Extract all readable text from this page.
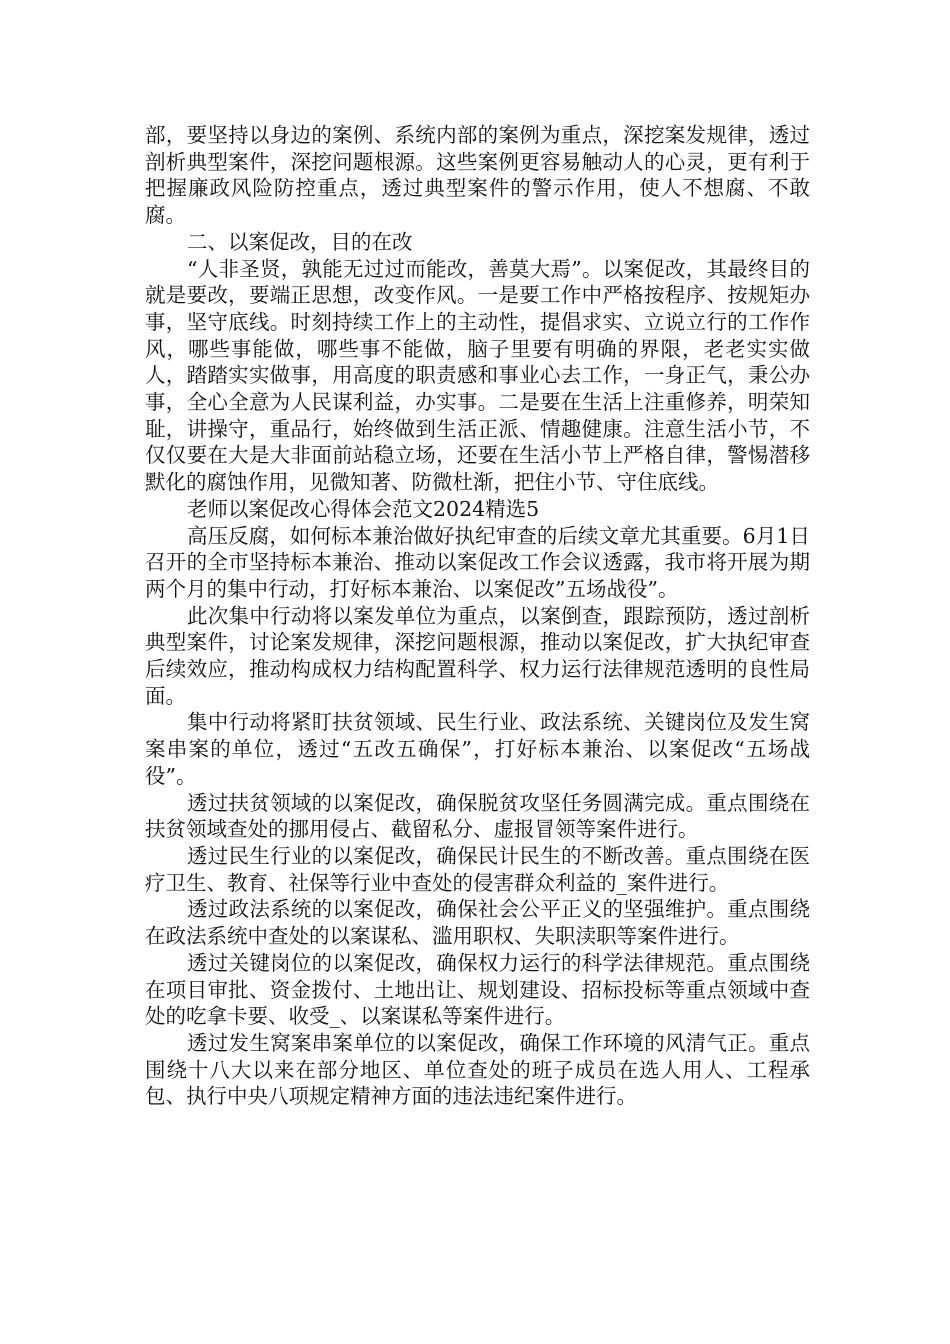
部，要坚持以身边的案例、系统内部的案例为重点，深挖案发规律，透过剖析典型案件，深挖问题根源。这些案例更容易触动人的心灵，更有利于把握廉政风险防控重点，透过典型案件的警示作用，使人不想腐、不敢腐。

二、以案促改，目的在改

“人非圣贤，孰能无过过而能改，善莫大焉”。以案促改，其最终目的就是要改，要端正思想，改变作风。一是要工作中严格按程序、按规矩办事，坚守底线。时刻持续工作上的主动性，提倡求实、立说立行的工作作风，哪些事能做，哪些事不能做，脑子里要有明确的界限，老老实实做人，踏踏实实做事，用高度的职责感和事业心去工作，一身正气，秉公办事，全心全意为人民谋利益，办实事。二是要在生活上注重修养，明荣知耻，讲操守，重品行，始终做到生活正派、情趣健康。注意生活小节，不仅仅要在大是大非面前站稳立场，还要在生活小节上严格自律，警惕潜移默化的腐蚀作用，见微知著、防微杜渐，把住小节、守住底线。

老师以案促改心得体会范文2024精选5

高压反腐，如何标本兼治做好执纪审查的后续文章尤其重要。6月1日召开的全市坚持标本兼治、推动以案促改工作会议透露，我市将开展为期两个月的集中行动，打好标本兼治、以案促改”五场战役”。

此次集中行动将以案发单位为重点，以案倒查，跟踪预防，透过剖析典型案件，讨论案发规律，深挖问题根源，推动以案促改，扩大执纪审查后续效应，推动构成权力结构配置科学、权力运行法律规范透明的良性局面。

集中行动将紧盯扶贫领域、民生行业、政法系统、关键岗位及发生窝案串案的单位，透过“五改五确保”，打好标本兼治、以案促改“五场战役”。

透过扶贫领域的以案促改，确保脱贫攻坚任务圆满完成。重点围绕在扶贫领域查处的挪用侵占、截留私分、虚报冒领等案件进行。

透过民生行业的以案促改，确保民计民生的不断改善。重点围绕在医疗卫生、教育、社保等行业中查处的侵害群众利益的_案件进行。

透过政法系统的以案促改，确保社会公平正义的坚强维护。重点围绕在政法系统中查处的以案谋私、滥用职权、失职渎职等案件进行。

透过关键岗位的以案促改，确保权力运行的科学法律规范。重点围绕在项目审批、资金拨付、土地出让、规划建设、招标投标等重点领域中查处的吃拿卡要、收受_、以案谋私等案件进行。

透过发生窝案串案单位的以案促改，确保工作环境的风清气正。重点围绕十八大以来在部分地区、单位查处的班子成员在选人用人、工程承包、执行中央八项规定精神方面的违法违纪案件进行。
